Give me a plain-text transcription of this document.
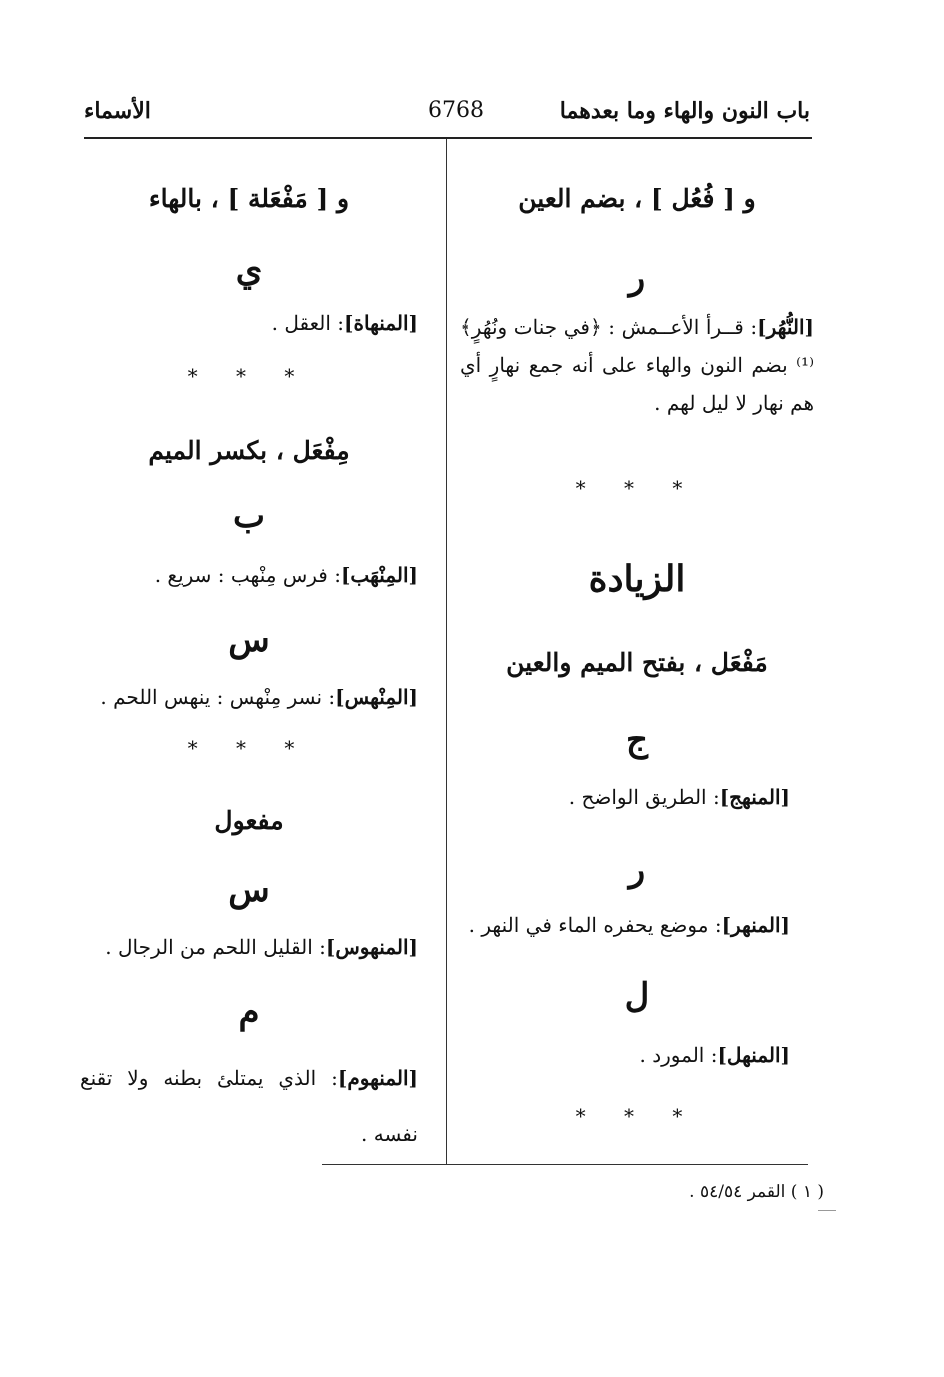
باب النون والهاء وما بعدهما
6768
الأسماء
و [ فُعُل ] ، بضم العين
ر
[النُّهُر]: قــرأ الأعــمش : ﴿في جنات ونُهُرٍ﴾⁽¹⁾ بضم النون والهاء على أنه جمع نهارٍ أي هم نهار لا ليل لهم .
* * *
الزيادة
مَفْعَل ، بفتح الميم والعين
ج
[المنهج]: الطريق الواضح .
ر
[المنهر]: موضع يحفره الماء في النهر .
ل
[المنهل]: المورد .
* * *
و [ مَفْعَلة ] ، بالهاء
ي
[المنهاة]: العقل .
* * *
مِفْعَل ، بكسر الميم
ب
[المِنْهَب]: فرس مِنْهب : سريع .
س
[المِنْهس]: نسر مِنْهس : ينهس اللحم .
* * *
مفعول
س
[المنهوس]: القليل اللحم من الرجال .
م
[المنهوم]: الذي يمتلئ بطنه ولا تقنع نفسه .
( ١ ) القمر ٥٤/٥٤ .
